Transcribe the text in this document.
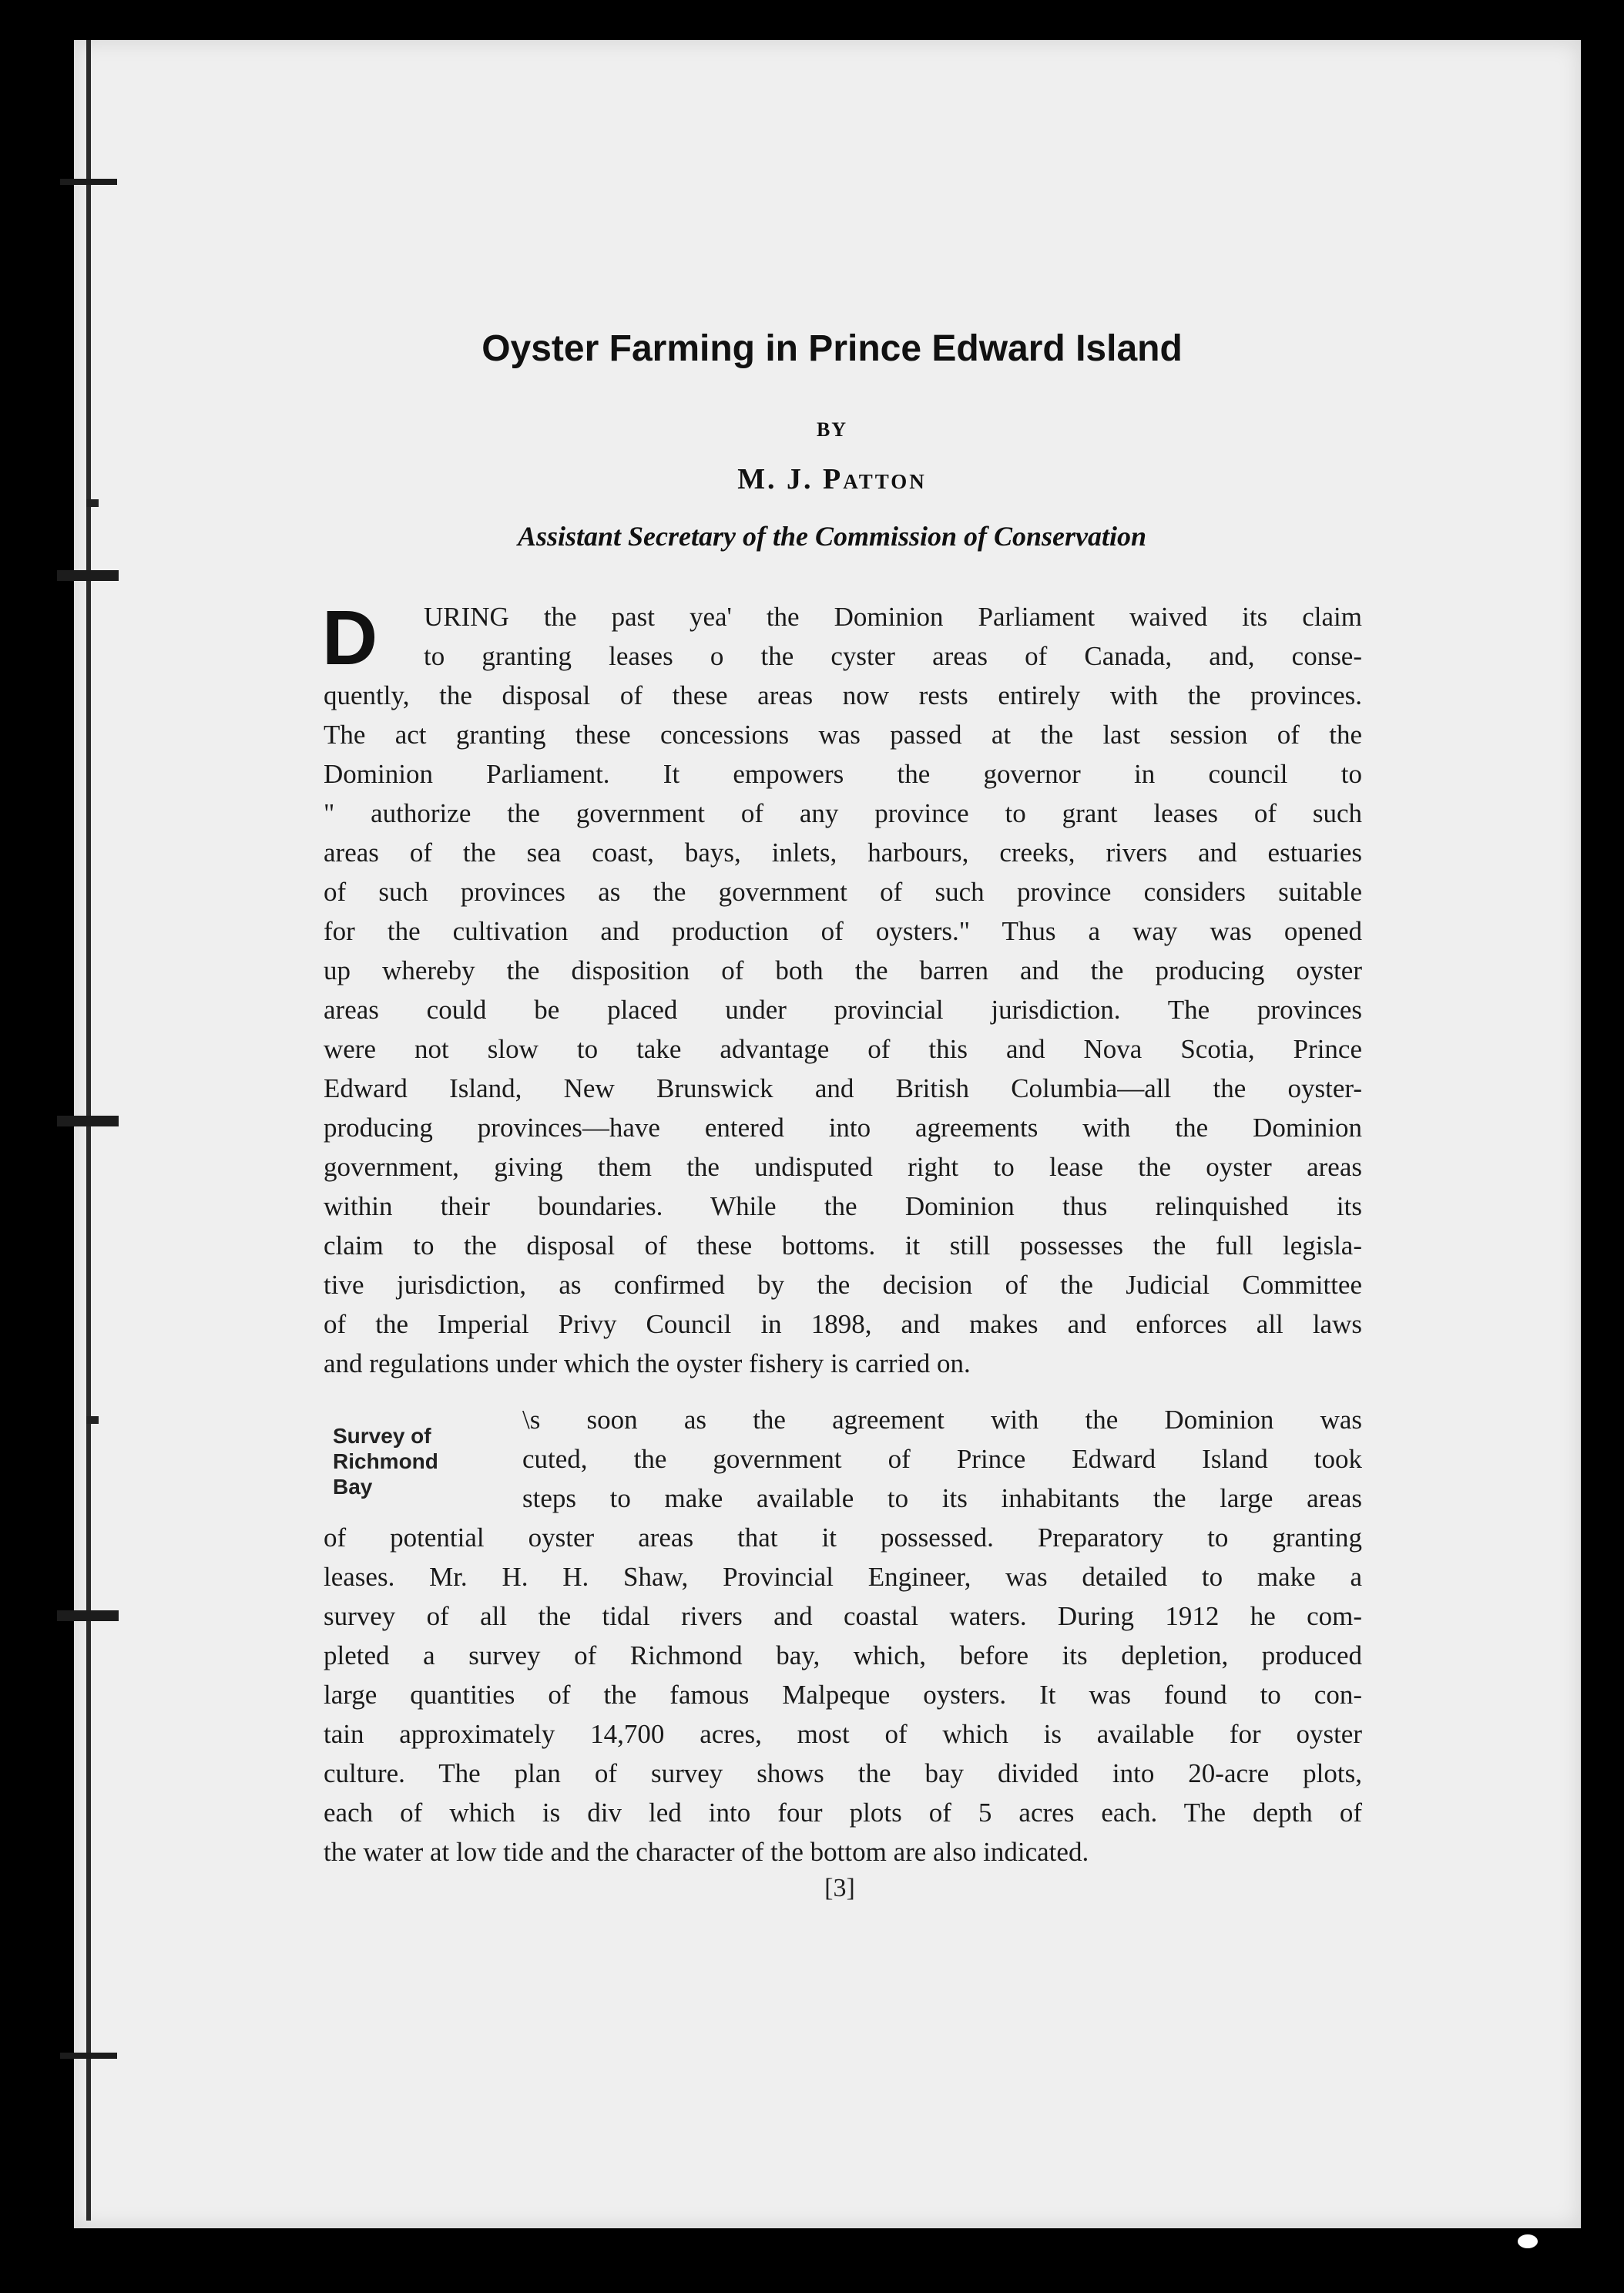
Oyster Farming in Prince Edward Island
BY
M. J. Patton
Assistant Secretary of the Commission of Conservation
D	URING the past yea' the Dominion Parliament waived its claim
to granting leases o the cyster areas of Canada, and, conse-
quently, the disposal of these areas now rests entirely with the provinces.
The act granting these concessions was passed at the last session of the
Dominion Parliament. It empowers the governor in council to
" authorize the government of any province to grant leases of such
areas of the sea coast, bays, inlets, harbours, creeks, rivers and estuaries
of such provinces as the government of such province considers suitable
for the cultivation and production of oysters." Thus a way was opened
up whereby the disposition of both the barren and the producing oyster
areas could be placed under provincial jurisdiction. The provinces
were not slow to take advantage of this and Nova Scotia, Prince
Edward Island, New Brunswick and British Columbia—all the oyster-
producing provinces—have entered into agreements with the Dominion
government, giving them the undisputed right to lease the oyster areas
within their boundaries. While the Dominion thus relinquished its
claim to the disposal of these bottoms. it still possesses the full legisla-
tive jurisdiction, as confirmed by the decision of the Judicial Committee
of the Imperial Privy Council in 1898, and makes and enforces all laws
and regulations under which the oyster fishery is carried on.
Survey of
Richmond
Bay
\s soon as the agreement with the Dominion was
cuted, the government of Prince Edward Island took
steps to make available to its inhabitants the large areas
of potential oyster areas that it possessed. Preparatory to granting
leases. Mr. H. H. Shaw, Provincial Engineer, was detailed to make a
survey of all the tidal rivers and coastal waters. During 1912 he com-
pleted a survey of Richmond bay, which, before its depletion, produced
large quantities of the famous Malpeque oysters. It was found to con-
tain approximately 14,700 acres, most of which is available for oyster
culture. The plan of survey shows the bay divided into 20-acre plots,
each of which is div led into four plots of 5 acres each. The depth of
the water at low tide and the character of the bottom are also indicated.
[3]
